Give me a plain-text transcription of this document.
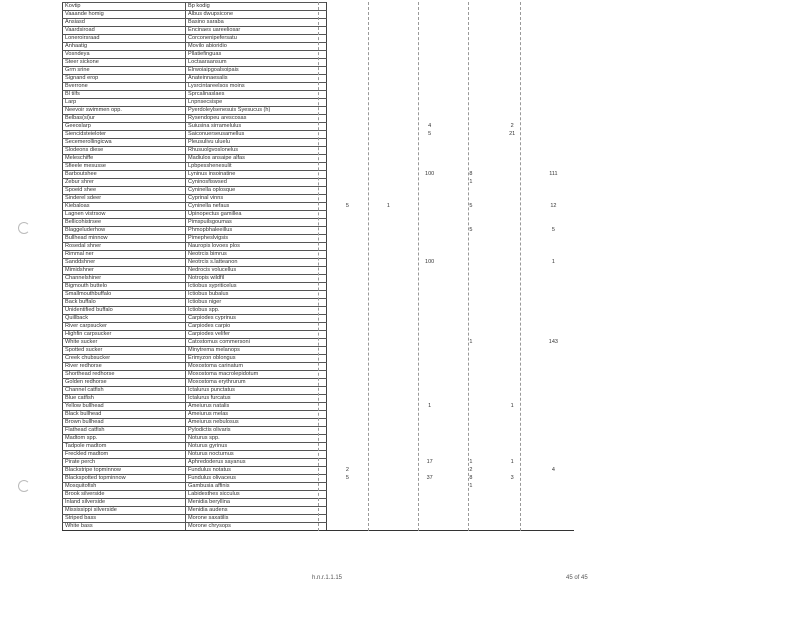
Kovtip	Bp kodig						
Vaaande homig	Albus dwupsicone						
Ansiasd	Basino saraba						
Vaardsiroad	Encinaes uareeliosar						
Loneroirsraad	Corconenipefersatu						
Anhaatig	Movilo abioridio						
Vosndeya	Pllatiefinguas						
Steer sickone	Loctaaraansum						
Grm srine	Elrwoiaipgoalsoipais						
Signand erop	Anateinnaesalis						
Bverrone	Lysrcintareelsos moins						
Bl tilfs	Sprcalinaslaes						
Larp	Lnpnsecsispe						
Neevoir swimmen opp.	Pyerdoleylsenesuis Syesucus (h)						
Belbas(si)ur	Rysendopeu arescosas						
Geeoslarp	Suiusina sirramelulus			4		2	
Siencidsteieloter	Saiconuerseusamellus			5		21	
Secemerollingicwa	Pleusulivu uluelu						
Slodeons diese	Rhusuolgvoslonelus						
Meleschiffe	Madiulos ansaipe alfas						
Sfieele mesusse	Lpbpesshenesulit						
Barboutshee	Lyninus insoinatine			100	8		111
Zebur shrer	Cyninosfiswsed				1		
Spoeid shee	Cyninella oplosque						
Sinderel sdeer	Cyprinal vinns						
Kiebaloas	Cyninella nefaus	5	1		5		12
Lagnen vistrsow	Upinopectus gamillea						
Bellicohistrsee	Pimspuilsgoumas						
Blaggeluderhow	Phmopbhaleeillus				5		5
Bullhead minnow	Pimepheslvigsis						
Rosedal shner	Nauropis lovoes plos						
Rimmal ner	Neotrcis bimrus						
Sanddshner	Neotrcis s.latteanon			100			1
Mimidshner	Nedrocis volucellus						
Channelshiner	Notropis wildfil						
Bigmouth buttelo	Ictiobus sypriticelus						
Smallmouthbuffalo	Ictiobus bubalus						
Back buffalo	Ictiobus niger						
Unidentified buffalo	Ictiobus spp.						
Quillback	Carpiodes cyprinus						
River carpsucker	Carpiodes carpio						
Highfin carpsucker	Carpiodes velifer						
White sucker	Catostomus commersoni				1		143
Spotted sucker	Minytrema melanops						
Creek chubsucker	Erimyzon oblongus						
River redhorse	Moxostoma carinatum						
Shorthead redhorse	Moxostoma macrolepidotum						
Golden redhorse	Moxostoma erythrurum						
Channel catfish	Ictalurus punctatus						
Blue catfish	Ictalurus furcatus						
Yellow bullhead	Ameiurus natalis			1		1	
Black bullhead	Ameiurus melas						
Brown bullhead	Ameiurus nebulosus						
Flathead catfish	Pylodictis olivaris						
Madtom spp.	Noturus spp.						
Tadpole madtom	Noturus gyrinus						
Freckled madtom	Noturus nocturnus						
Pirate perch	Aphredoderus sayanus			17	1	1	
Blackstripe topminnow	Fundulus notatus	2			2		4
Blackspotted topminnow	Fundulus olivaceus	5		37	8	3	
Mosquitofish	Gambusia affinis				1		
Brook silverside	Labidesthes sicculus						
Inland silverside	Menidia beryllina						
Mississippi silverside	Menidia audens						
Striped bass	Morone saxatilis						
White bass	Morone chrysops						
h.n.r.1.1.15	45 of 45
